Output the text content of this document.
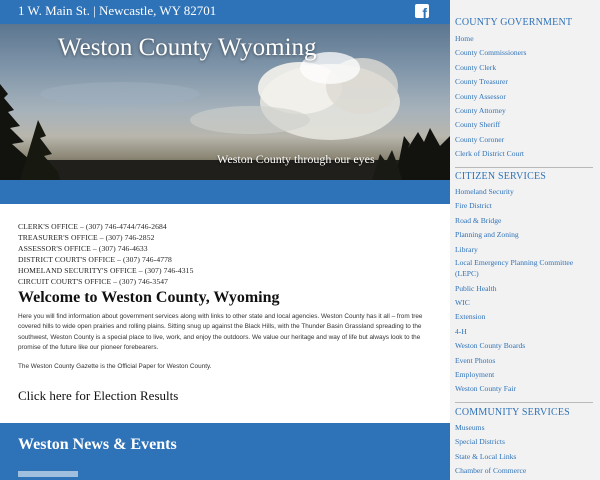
1 W. Main St. | Newcastle, WY 82701	f
Weston County Wyoming
Weston County through our eyes
CLERK'S OFFICE – (307) 746-4744/746-2684
TREASURER'S OFFICE – (307) 746-2852
ASSESSOR'S OFFICE – (307) 746-4633
DISTRICT COURT'S OFFICE – (307) 746-4778
HOMELAND SECURITY'S OFFICE – (307) 746-4315
CIRCUIT COURT'S OFFICE – (307) 746-3547
Welcome to Weston County, Wyoming

Here you will find information about government services along with links to other state and local agencies. Weston County has it all – from tree covered hills to wide open prairies and rolling plains. Sitting snug up against the Black Hills, with the Thunder Basin Grassland spreading to the southwest, Weston County is a special place to live, work, and enjoy the outdoors. We value our heritage and way of life but always look to the promise of the future like our pioneer forebearers.

The Weston County Gazette is the Official Paper for Weston County.

Click here for Election Results
Weston News & Events
COUNTY GOVERNMENT
Home
County Commissioners
County Clerk
County Treasurer
County Assessor
County Attorney
County Sheriff
County Coroner
Clerk of District Court
CITIZEN SERVICES
Homeland Security
Fire District
Road & Bridge
Planning and Zoning
Library
Local Emergency Planning Committee (LEPC)
Public Health
WIC
Extension
4-H
Weston County Boards
Event Photos
Employment
Weston County Fair
COMMUNITY SERVICES
Museums
Special Districts
State & Local Links
Chamber of Commerce
